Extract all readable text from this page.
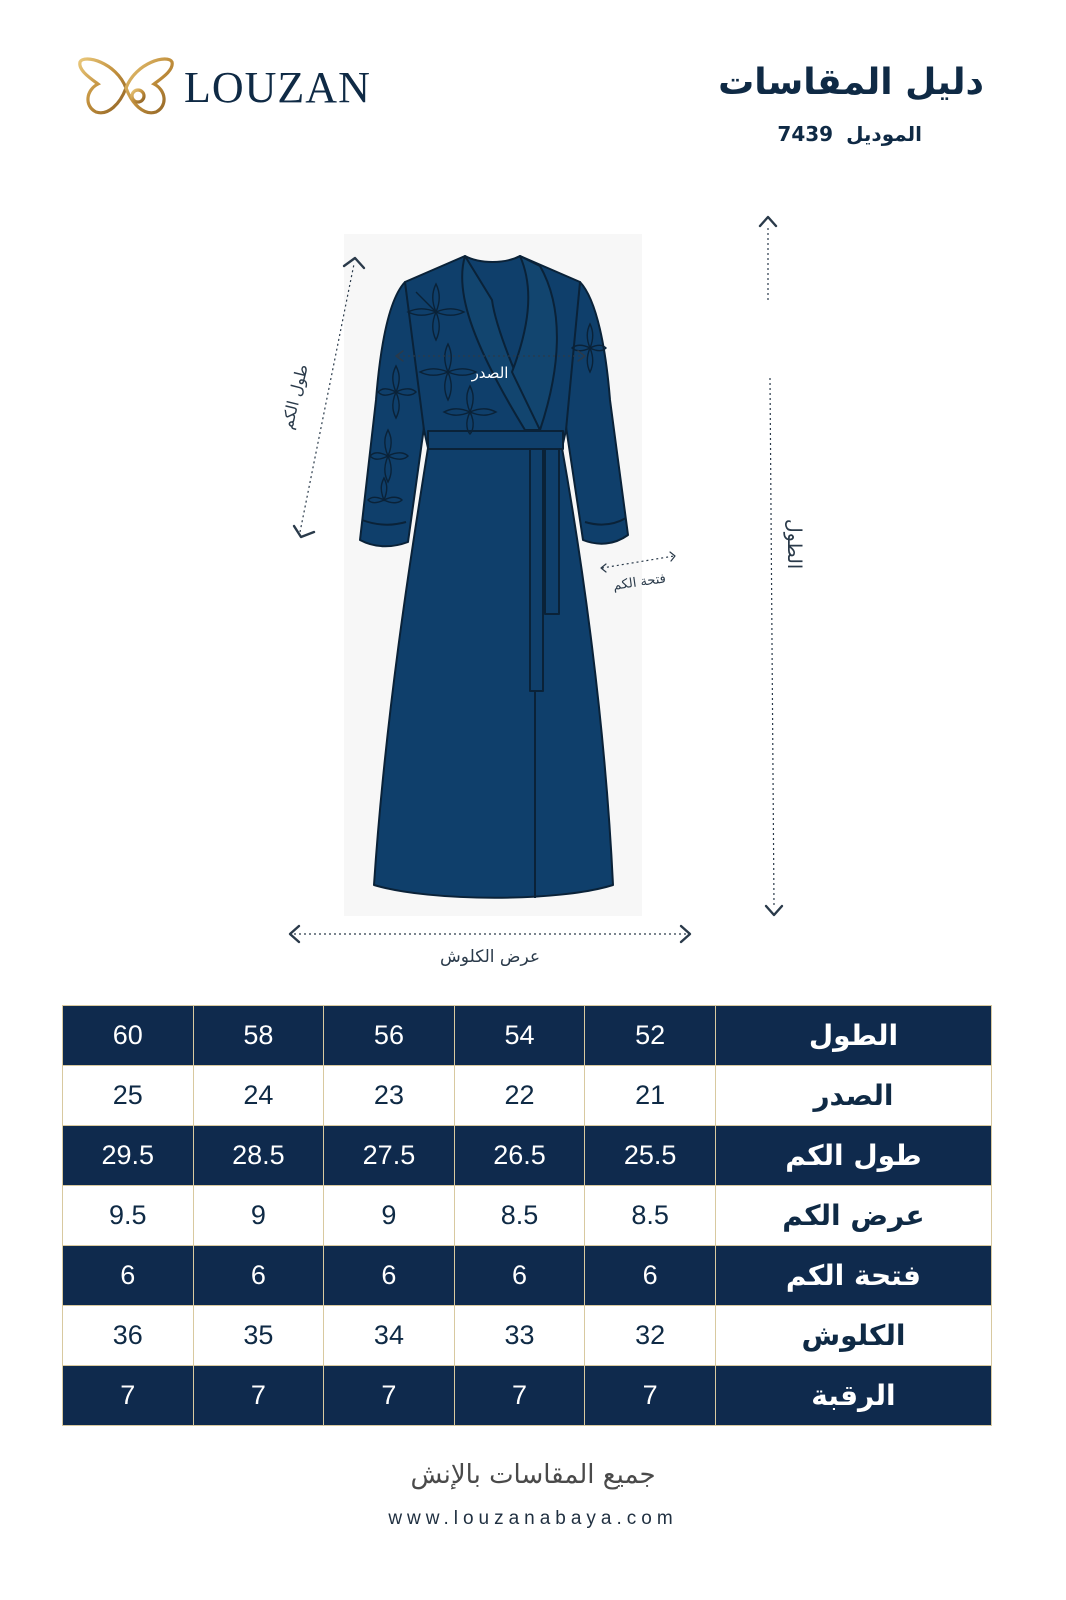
LOUZAN	دليل المقاسات
الموديل 7439
طول الكم	الصدر
فتحة الكم
الطول
عرض الكلوش
60	58	56	54	52	الطول
25	24	23	22	21	الصدر
29.5	28.5	27.5	26.5	25.5	طول الكم
9.5	9	9	8.5	8.5	عرض الكم
6	6	6	6	6	فتحة الكم
36	35	34	33	32	الكلوش
7	7	7	7	7	الرقبة
جميع المقاسات بالإنش
www.louzanabaya.com
